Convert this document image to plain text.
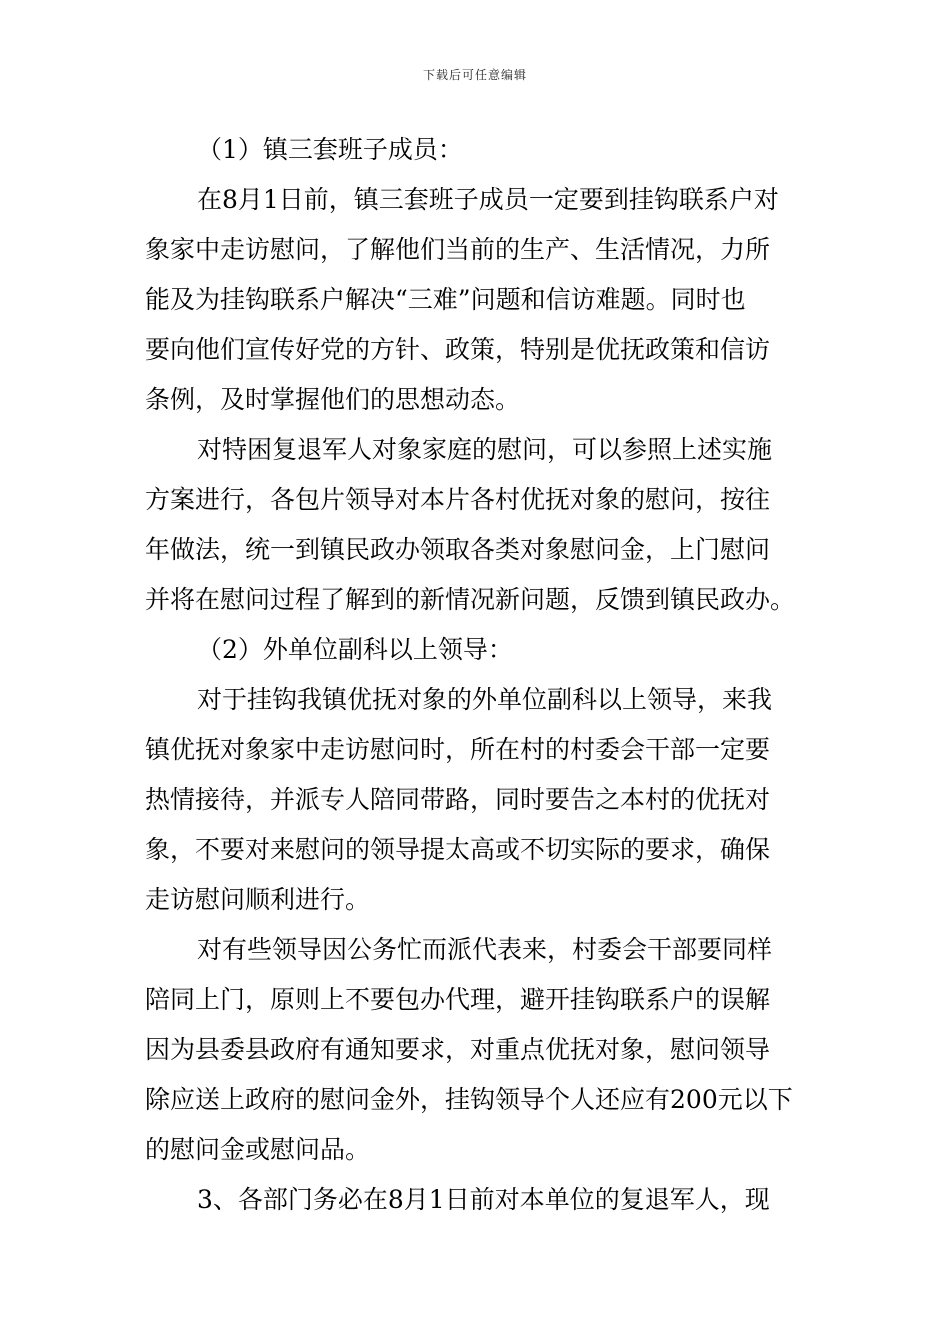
下载后可任意编辑
（1）镇三套班子成员：
在8月1日前，镇三套班子成员一定要到挂钩联系户对
象家中走访慰问，了解他们当前的生产、生活情况，力所
能及为挂钩联系户解决“三难”问题和信访难题。同时也
要向他们宣传好党的方针、政策，特别是优抚政策和信访
条例，及时掌握他们的思想动态。
对特困复退军人对象家庭的慰问，可以参照上述实施
方案进行，各包片领导对本片各村优抚对象的慰问，按往
年做法，统一到镇民政办领取各类对象慰问金，上门慰问
并将在慰问过程了解到的新情况新问题，反馈到镇民政办。
（2）外单位副科以上领导：
对于挂钩我镇优抚对象的外单位副科以上领导，来我
镇优抚对象家中走访慰问时，所在村的村委会干部一定要
热情接待，并派专人陪同带路，同时要告之本村的优抚对
象，不要对来慰问的领导提太高或不切实际的要求，确保
走访慰问顺利进行。
对有些领导因公务忙而派代表来，村委会干部要同样
陪同上门，原则上不要包办代理，避开挂钩联系户的误解
因为县委县政府有通知要求，对重点优抚对象，慰问领导
除应送上政府的慰问金外，挂钩领导个人还应有200元以下
的慰问金或慰问品。
3、各部门务必在8月1日前对本单位的复退军人，现
